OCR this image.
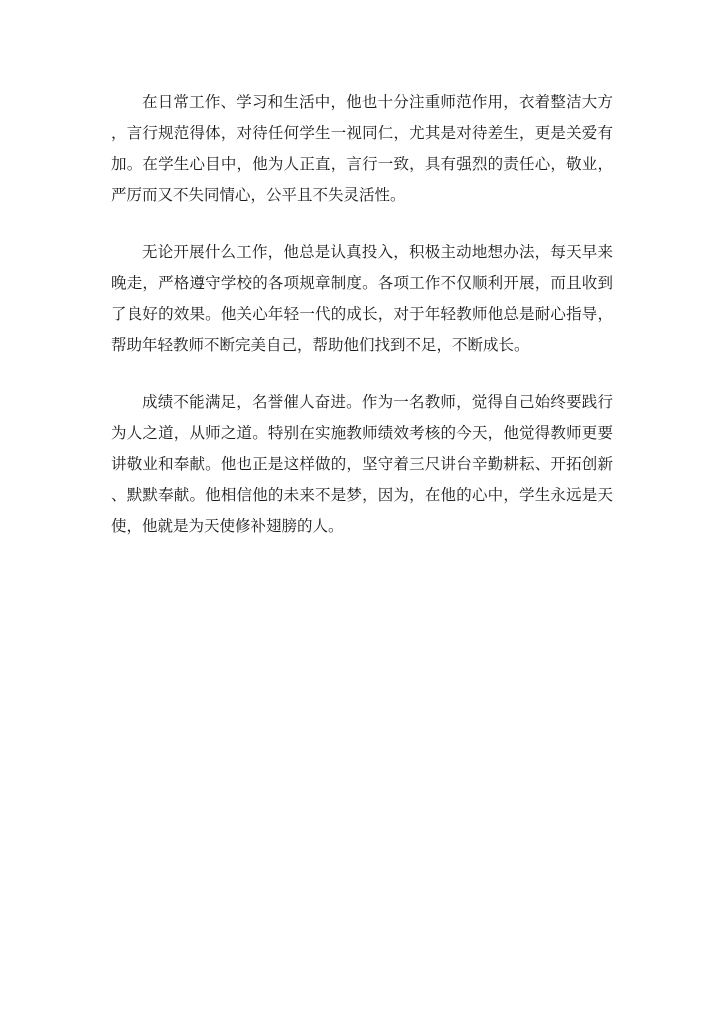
在日常工作、学习和生活中，他也十分注重师范作用，衣着整洁大方，言行规范得体，对待任何学生一视同仁，尤其是对待差生，更是关爱有加。在学生心目中，他为人正直，言行一致，具有强烈的责任心，敬业，严厉而又不失同情心，公平且不失灵活性。

无论开展什么工作，他总是认真投入，积极主动地想办法，每天早来晚走，严格遵守学校的各项规章制度。各项工作不仅顺利开展，而且收到了良好的效果。他关心年轻一代的成长，对于年轻教师他总是耐心指导，帮助年轻教师不断完美自己，帮助他们找到不足，不断成长。

成绩不能满足，名誉催人奋进。作为一名教师，觉得自己始终要践行为人之道，从师之道。特别在实施教师绩效考核的今天，他觉得教师更要讲敬业和奉献。他也正是这样做的，坚守着三尺讲台辛勤耕耘、开拓创新、默默奉献。他相信他的未来不是梦，因为，在他的心中，学生永远是天使，他就是为天使修补翅膀的人。
